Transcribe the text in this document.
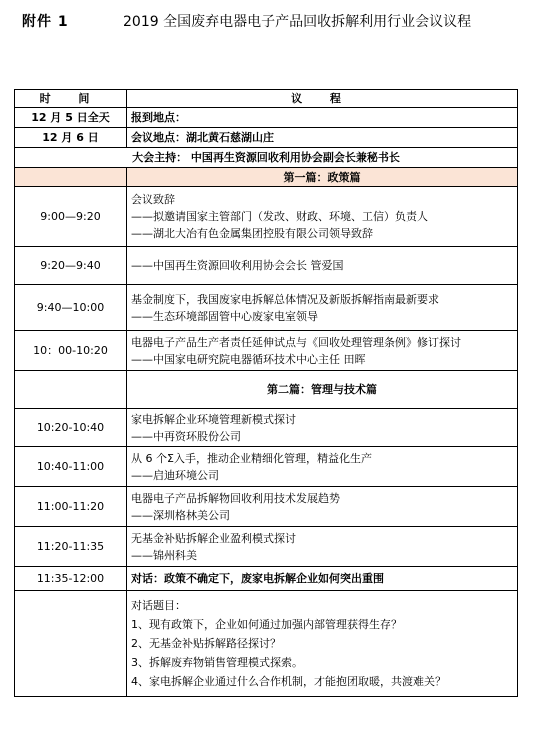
附件 1	2019 全国废弃电器电子产品回收拆解利用行业会议议程
时 间	议 程
12 月 5 日全天	报到地点：
12 月 6 日	会议地点：湖北黄石慈湖山庄
大会主持： 中国再生资源回收利用协会副会长兼秘书长	
	第一篇：政策篇
9:00—9:20	会议致辞
——拟邀请国家主管部门（发改、财政、环境、工信）负责人
——湖北大冶有色金属集团控股有限公司领导致辞

9:20—9:40	——中国再生资源回收利用协会会长 管爱国

9:40—10:00	基金制度下，我国废家电拆解总体情况及新版拆解指南最新要求
——生态环境部固管中心废家电室领导

10：00-10:20	电器电子产品生产者责任延伸试点与《回收处理管理条例》修订探讨
——中国家电研究院电器循环技术中心主任 田晖

	第二篇：管理与技术篇
10:20-10:40	家电拆解企业环境管理新模式探讨
——中再资环股份公司

10:40-11:00	从 6 个Σ入手，推动企业精细化管理，精益化生产
——启迪环境公司

11:00-11:20	电器电子产品拆解物回收利用技术发展趋势
——深圳格林美公司

11:20-11:35	无基金补贴拆解企业盈利模式探讨
——锦州科美

11:35-12:00	对话：政策不确定下，废家电拆解企业如何突出重围

	对话题目：
1、现有政策下，企业如何通过加强内部管理获得生存？
2、无基金补贴拆解路径探讨？
3、拆解废弃物销售管理模式探索。
4、家电拆解企业通过什么合作机制，才能抱团取暖，共渡难关？
